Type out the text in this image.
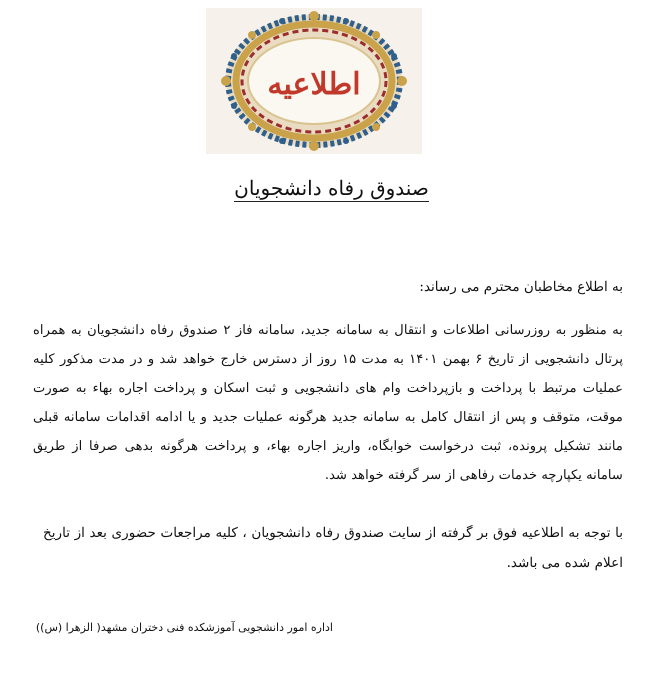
اطلاعیه
صندوق رفاه دانشجویان
به اطلاع مخاطبان محترم می رساند:
به منظور به روزرسانی اطلاعات و انتقال به سامانه جدید، سامانه فاز ۲ صندوق رفاه دانشجویان به همراه پرتال دانشجویی از تاریخ ۶ بهمن ۱۴۰۱ به مدت ۱۵ روز از دسترس خارج خواهد شد و در مدت مذکور کلیه عملیات مرتبط با پرداخت و بازپرداخت وام های دانشجویی و ثبت اسکان و پرداخت اجاره بهاء به صورت موقت، متوقف و پس از انتقال کامل به سامانه جدید هرگونه عملیات جدید و یا ادامه اقدامات سامانه قبلی مانند تشکیل پرونده، ثبت درخواست خوابگاه، واریز اجاره بهاء، و پرداخت هرگونه بدهی صرفا از طریق سامانه یکپارچه خدمات رفاهی از سر گرفته خواهد شد.
با توجه به اطلاعیه فوق بر گرفته از سایت صندوق رفاه دانشجویان ، کلیه مراجعات حضوری بعد از تاریخ اعلام شده می باشد.
اداره امور دانشجویی آموزشکده فنی دختران مشهد( الزهرا (س))
